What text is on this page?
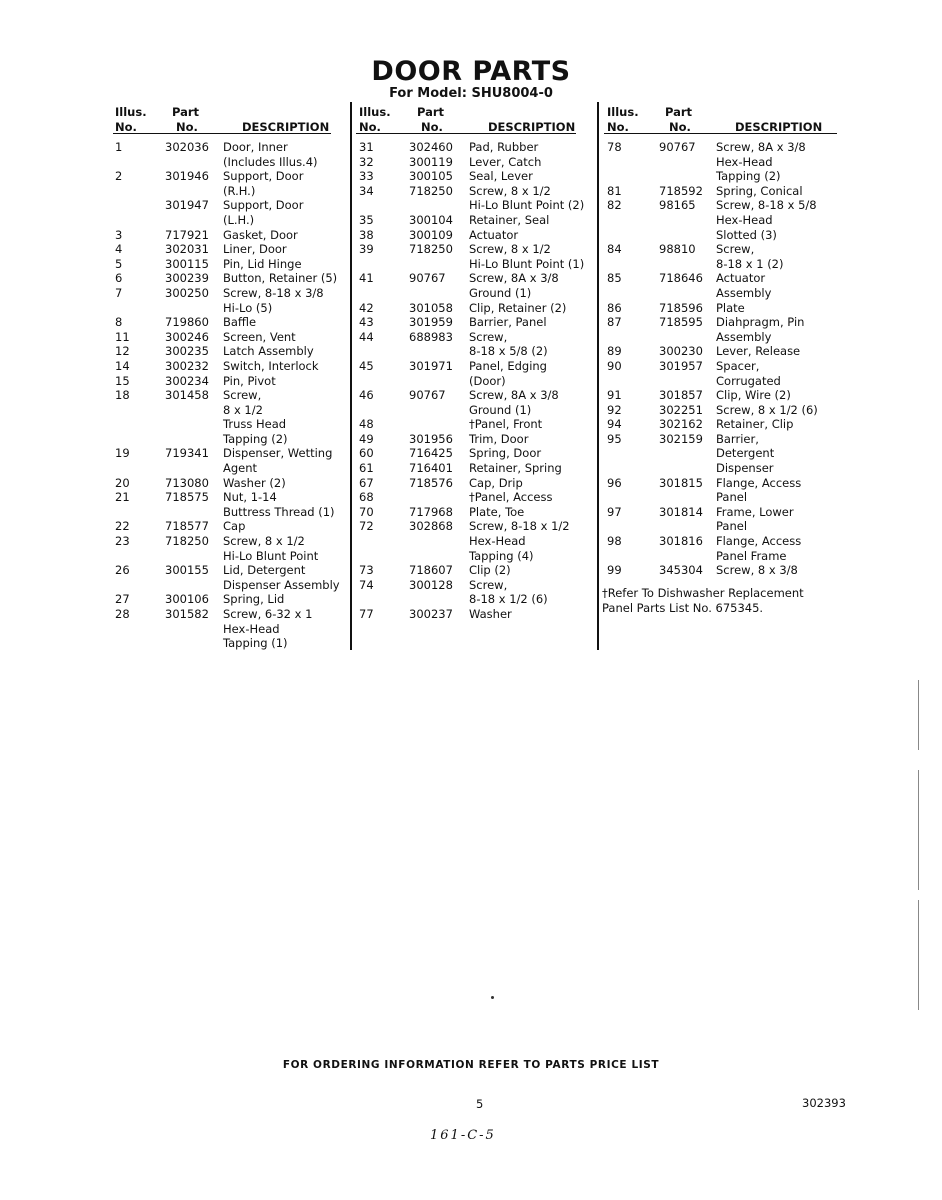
DOOR PARTS
For Model: SHU8004-0
Illus.
No.
Part
No.	DESCRIPTION
1	302036 Door, Inner
(Includes Illus.4)
2	301946 Support, Door
(R.H.)
301947 Support, Door
(L.H.)
3	717921 Gasket, Door
4	302031 Liner, Door
5	300115 Pin, Lid Hinge
6	300239 Button, Retainer (5)
7	300250 Screw, 8-18 x 3/8
Hi-Lo (5)
8	719860 Baffle
11	300246 Screen, Vent
12	300235 Latch Assembly
14	300232 Switch, Interlock
15	300234 Pin, Pivot
18	301458 Screw,
8 x 1/2
Truss Head
Tapping (2)
19	719341 Dispenser, Wetting
Agent
20	713080 Washer (2)
21	718575 Nut, 1-14
Buttress Thread (1)
22	718577 Cap
23	718250 Screw, 8 x 1/2
Hi-Lo Blunt Point
26	300155 Lid, Detergent
Dispenser Assembly
27	300106 Spring, Lid
28	301582 Screw, 6-32 x 1
Hex-Head
Tapping (1)
Illus.
No.
Part
No.	DESCRIPTION
31	302460 Pad, Rubber
32	300119 Lever, Catch
33	300105 Seal, Lever
34	718250 Screw, 8 x 1/2
Hi-Lo Blunt Point (2)
35	300104 Retainer, Seal
38	300109 Actuator
39	718250 Screw, 8 x 1/2
Hi-Lo Blunt Point (1)
41	90767 Screw, 8A x 3/8
Ground (1)
42	301058 Clip, Retainer (2)
43	301959 Barrier, Panel
44	688983 Screw,
8-18 x 5/8 (2)
45	301971 Panel, Edging
(Door)
46	90767 Screw, 8A x 3/8
Ground (1)
48	†Panel, Front
49	301956 Trim, Door
60	716425 Spring, Door
61	716401 Retainer, Spring
67	718576 Cap, Drip
68	†Panel, Access
70	717968 Plate, Toe
72	302868 Screw, 8-18 x 1/2
Hex-Head
Tapping (4)
73	718607 Clip (2)
74	300128 Screw,
8-18 x 1/2 (6)
77	300237 Washer
Illus.
No.
Part
No.	DESCRIPTION
78	90767 Screw, 8A x 3/8
Hex-Head
Tapping (2)
81	718592 Spring, Conical
82	98165 Screw, 8-18 x 5/8
Hex-Head
Slotted (3)
84	98810 Screw,
8-18 x 1 (2)
85	718646 Actuator
Assembly
86	718596 Plate
87	718595 Diahpragm, Pin
Assembly
89	300230 Lever, Release
90	301957 Spacer,
Corrugated
91	301857 Clip, Wire (2)
92	302251 Screw, 8 x 1/2 (6)
94	302162 Retainer, Clip
95	302159 Barrier,
Detergent
Dispenser
96	301815 Flange, Access
Panel
97	301814 Frame, Lower
Panel
98	301816 Flange, Access
Panel Frame
99	345304 Screw, 8 x 3/8
†Refer To Dishwasher Replacement
Panel Parts List No. 675345.
FOR ORDERING INFORMATION REFER TO PARTS PRICE LIST
5	302393
161-C-5
